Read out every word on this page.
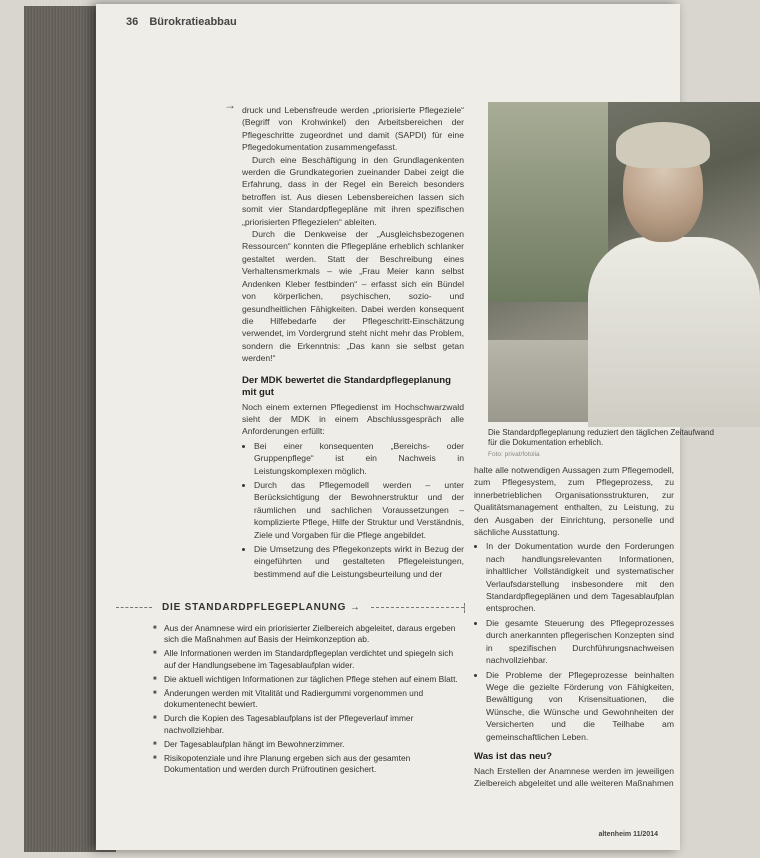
36 Bürokratieabbau

druck und Lebensfreude werden „priorisierte Pflegeziele“ (Begriff von Krohwinkel) den Arbeitsbereichen der Pflegeschritte zugeordnet und damit (SAPDI) für eine Pflegedokumentation zusammengefasst.

Durch eine Beschäftigung in den Grundlagenkenten werden die Grundkategorien zueinander Dabei zeigt die Erfahrung, dass in der Regel ein Bereich besonders betroffen ist. Aus diesen Lebensbereichen lassen sich somit vier Standardpflegepläne mit ihren spezifischen „priorisierten Pflegezielen“ ableiten.

Durch die Denkweise der „Ausgleichsbezogenen Ressourcen“ konnten die Pflegepläne erheblich schlanker gestaltet werden. Statt der Beschreibung eines Verhaltensmerkmals – wie „Frau Meier kann selbst Andenken Kleber festbinden“ – erfasst sich ein Bündel von körperlichen, psychischen, sozio- und gesundheitlichen Fähigkeiten. Dabei werden konsequent die Hilfebedarfe der Pflegeschritt-Einschätzung verwendet, im Vordergrund steht nicht mehr das Problem, sondern die Erkenntnis: „Das kann sie selbst getan werden!“

Der MDK bewertet die Standardpflegeplanung mit gut

Noch einem externen Pflegedienst im Hochschwarzwald sieht der MDK in einem Abschlussgespräch alle Anforderungen erfüllt:

• Bei einer konsequenten „Bereichs- oder Gruppenpflege“ ist ein Nachweis in Leistungskomplexen möglich.
• Durch das Pflegemodell werden – unter Berücksichtigung der Bewohnerstruktur und der räumlichen und sachlichen Voraussetzungen – komplizierte Pflege, Hilfe der Struktur und Verständnis, Ziele und Vorgaben für die Pflege angebildet.
• Die Umsetzung des Pflegekonzepts wirkt in Bezug der eingeführten und gestalteten Pflegeleistungen, bestimmend auf die Leistungsbeurteilung und der
Die Standardpflegeplanung reduziert den täglichen Zeitaufwand für die Dokumentation erheblich.
Foto: privat/fotolia

halte alle notwendigen Aussagen zum Pflegemodell, zum Pflegesystem, zum Pflegeprozess, zu innerbetrieblichen Organisationsstrukturen, zur Qualitätsmanagement enthalten, zu Leistung, zu den Ausgaben der Einrichtung, personelle und sächliche Ausstattung.

• In der Dokumentation wurde den Forderungen nach handlungsrelevanten Informationen, inhaltlicher Vollständigkeit und systematischer Verlaufsdarstellung insbesondere mit den Standardpflegeplänen und dem Tagesablaufplan entsprochen.
• Die gesamte Steuerung des Pflegeprozesses durch anerkannten pflegerischen Konzepten sind in spezifischen Durchführungsnachweisen nachvollziehbar.
• Die Probleme der Pflegeprozesse beinhalten Wege die gezielte Förderung von Fähigkeiten, Bewältigung von Krisensituationen, die Wünsche, die Wünsche und Gewohnheiten der Versicherten und die Teilhabe am gemeinschaftlichen Leben.
Was ist das neu?

Nach Erstellen der Anamnese werden im jeweiligen Zielbereich abgeleitet und alle weiteren Maßnahmen

DIE STANDARDPFLEGEPLANUNG →
■ Aus der Anamnese wird ein priorisierter Zielbereich abgeleitet, daraus ergeben sich die Maßnahmen auf Basis der Heimkonzeption ab.
■ Alle Informationen werden im Standardpflegeplan verdichtet und spiegeln sich auf der Handlungsebene im Tagesablaufplan wider.
■ Die aktuell wichtigen Informationen zur täglichen Pflege stehen auf einem Blatt.
■ Änderungen werden mit Vitalität und Radiergummi vorgenommen und dokumentenecht bewiert.
■ Durch die Kopien des Tagesablaufplans ist der Pflegeverlauf immer nachvollziehbar.
■ Der Tagesablaufplan hängt im Bewohnerzimmer.
■ Risikopotenziale und ihre Planung ergeben sich aus der gesamten Dokumentation und werden durch Prüfroutinen gesichert.
altenheim 11/2014
→
